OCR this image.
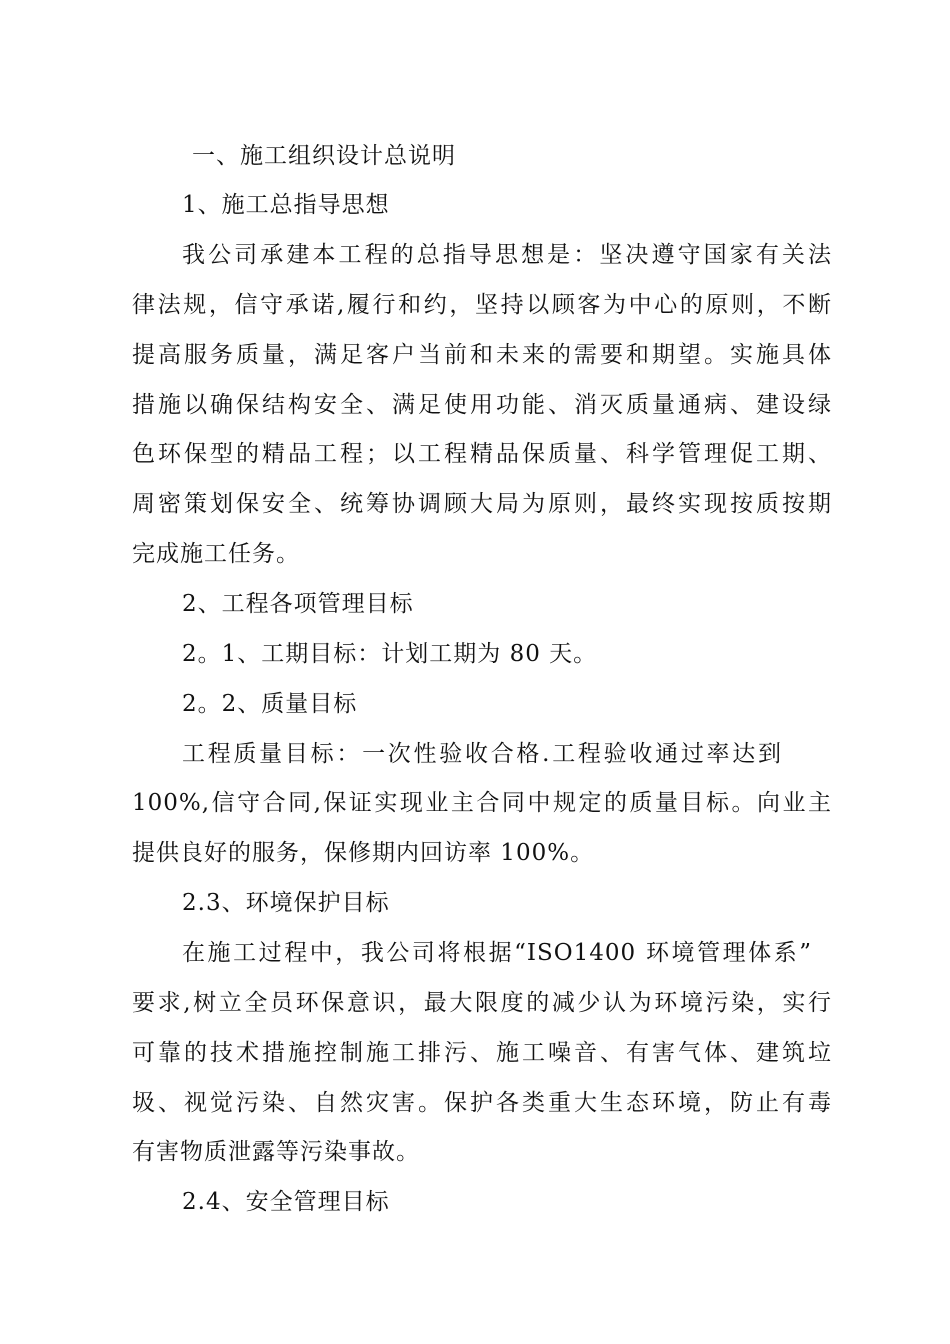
一、施工组织设计总说明
1、施工总指导思想
我公司承建本工程的总指导思想是：坚决遵守国家有关法
律法规，信守承诺,履行和约，坚持以顾客为中心的原则，不断
提高服务质量，满足客户当前和未来的需要和期望。实施具体
措施以确保结构安全、满足使用功能、消灭质量通病、建设绿
色环保型的精品工程；以工程精品保质量、科学管理促工期、
周密策划保安全、统筹协调顾大局为原则，最终实现按质按期
完成施工任务。
2、工程各项管理目标
2。1、工期目标：计划工期为 80 天。
2。2、质量目标
工程质量目标：一次性验收合格.工程验收通过率达到
100%,信守合同,保证实现业主合同中规定的质量目标。向业主
提供良好的服务，保修期内回访率 100%。
2.3、环境保护目标
在施工过程中，我公司将根据“ISO1400 环境管理体系”
要求,树立全员环保意识，最大限度的减少认为环境污染，实行
可靠的技术措施控制施工排污、施工噪音、有害气体、建筑垃
圾、视觉污染、自然灾害。保护各类重大生态环境，防止有毒
有害物质泄露等污染事故。
2.4、安全管理目标
